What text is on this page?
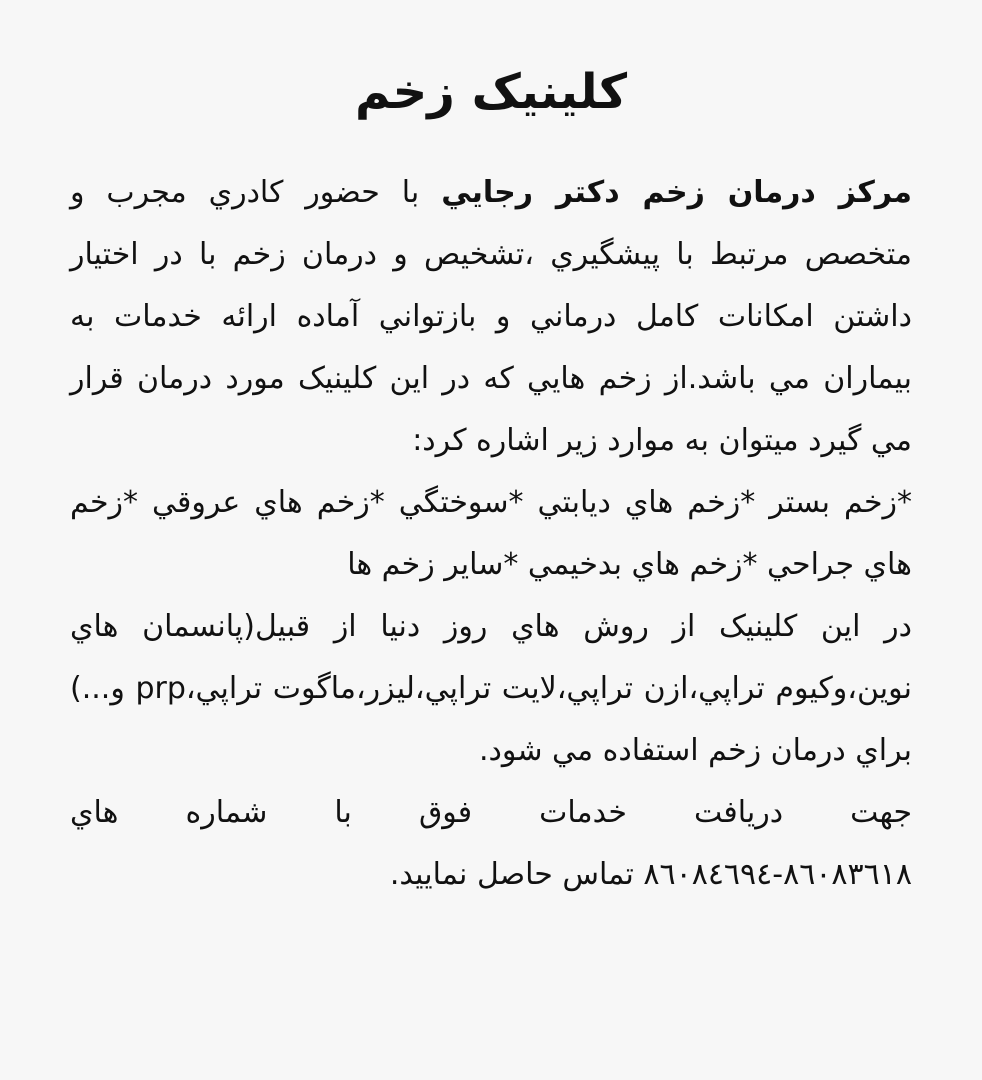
کلينيک زخم

مرکز درمان زخم دکتر رجايي با حضور کادري مجرب و متخصص مرتبط با پيشگيري ،تشخيص و درمان زخم با در اختيار داشتن امکانات کامل درماني و بازتواني آماده ارائه خدمات به بيماران مي باشد.از زخم هايي که در اين کلينيک مورد درمان قرار مي گيرد ميتوان به موارد زير اشاره کرد:

*زخم بستر *زخم هاي ديابتي *سوختگي *زخم هاي عروقي *زخم هاي جراحي *زخم هاي بدخيمي *ساير زخم ها

در اين کلينيک از روش هاي روز دنيا از قبيل(پانسمان هاي نوين،وکيوم تراپي،ازن تراپي،لايت تراپي،ليزر،ماگوت تراپي،prp و...) براي درمان زخم استفاده مي شود.

جهت دريافت خدمات فوق با شماره هاي

٨٦٠٨٣٦١٨-٨٦٠٨٤٦٩٤ تماس حاصل نماييد.
